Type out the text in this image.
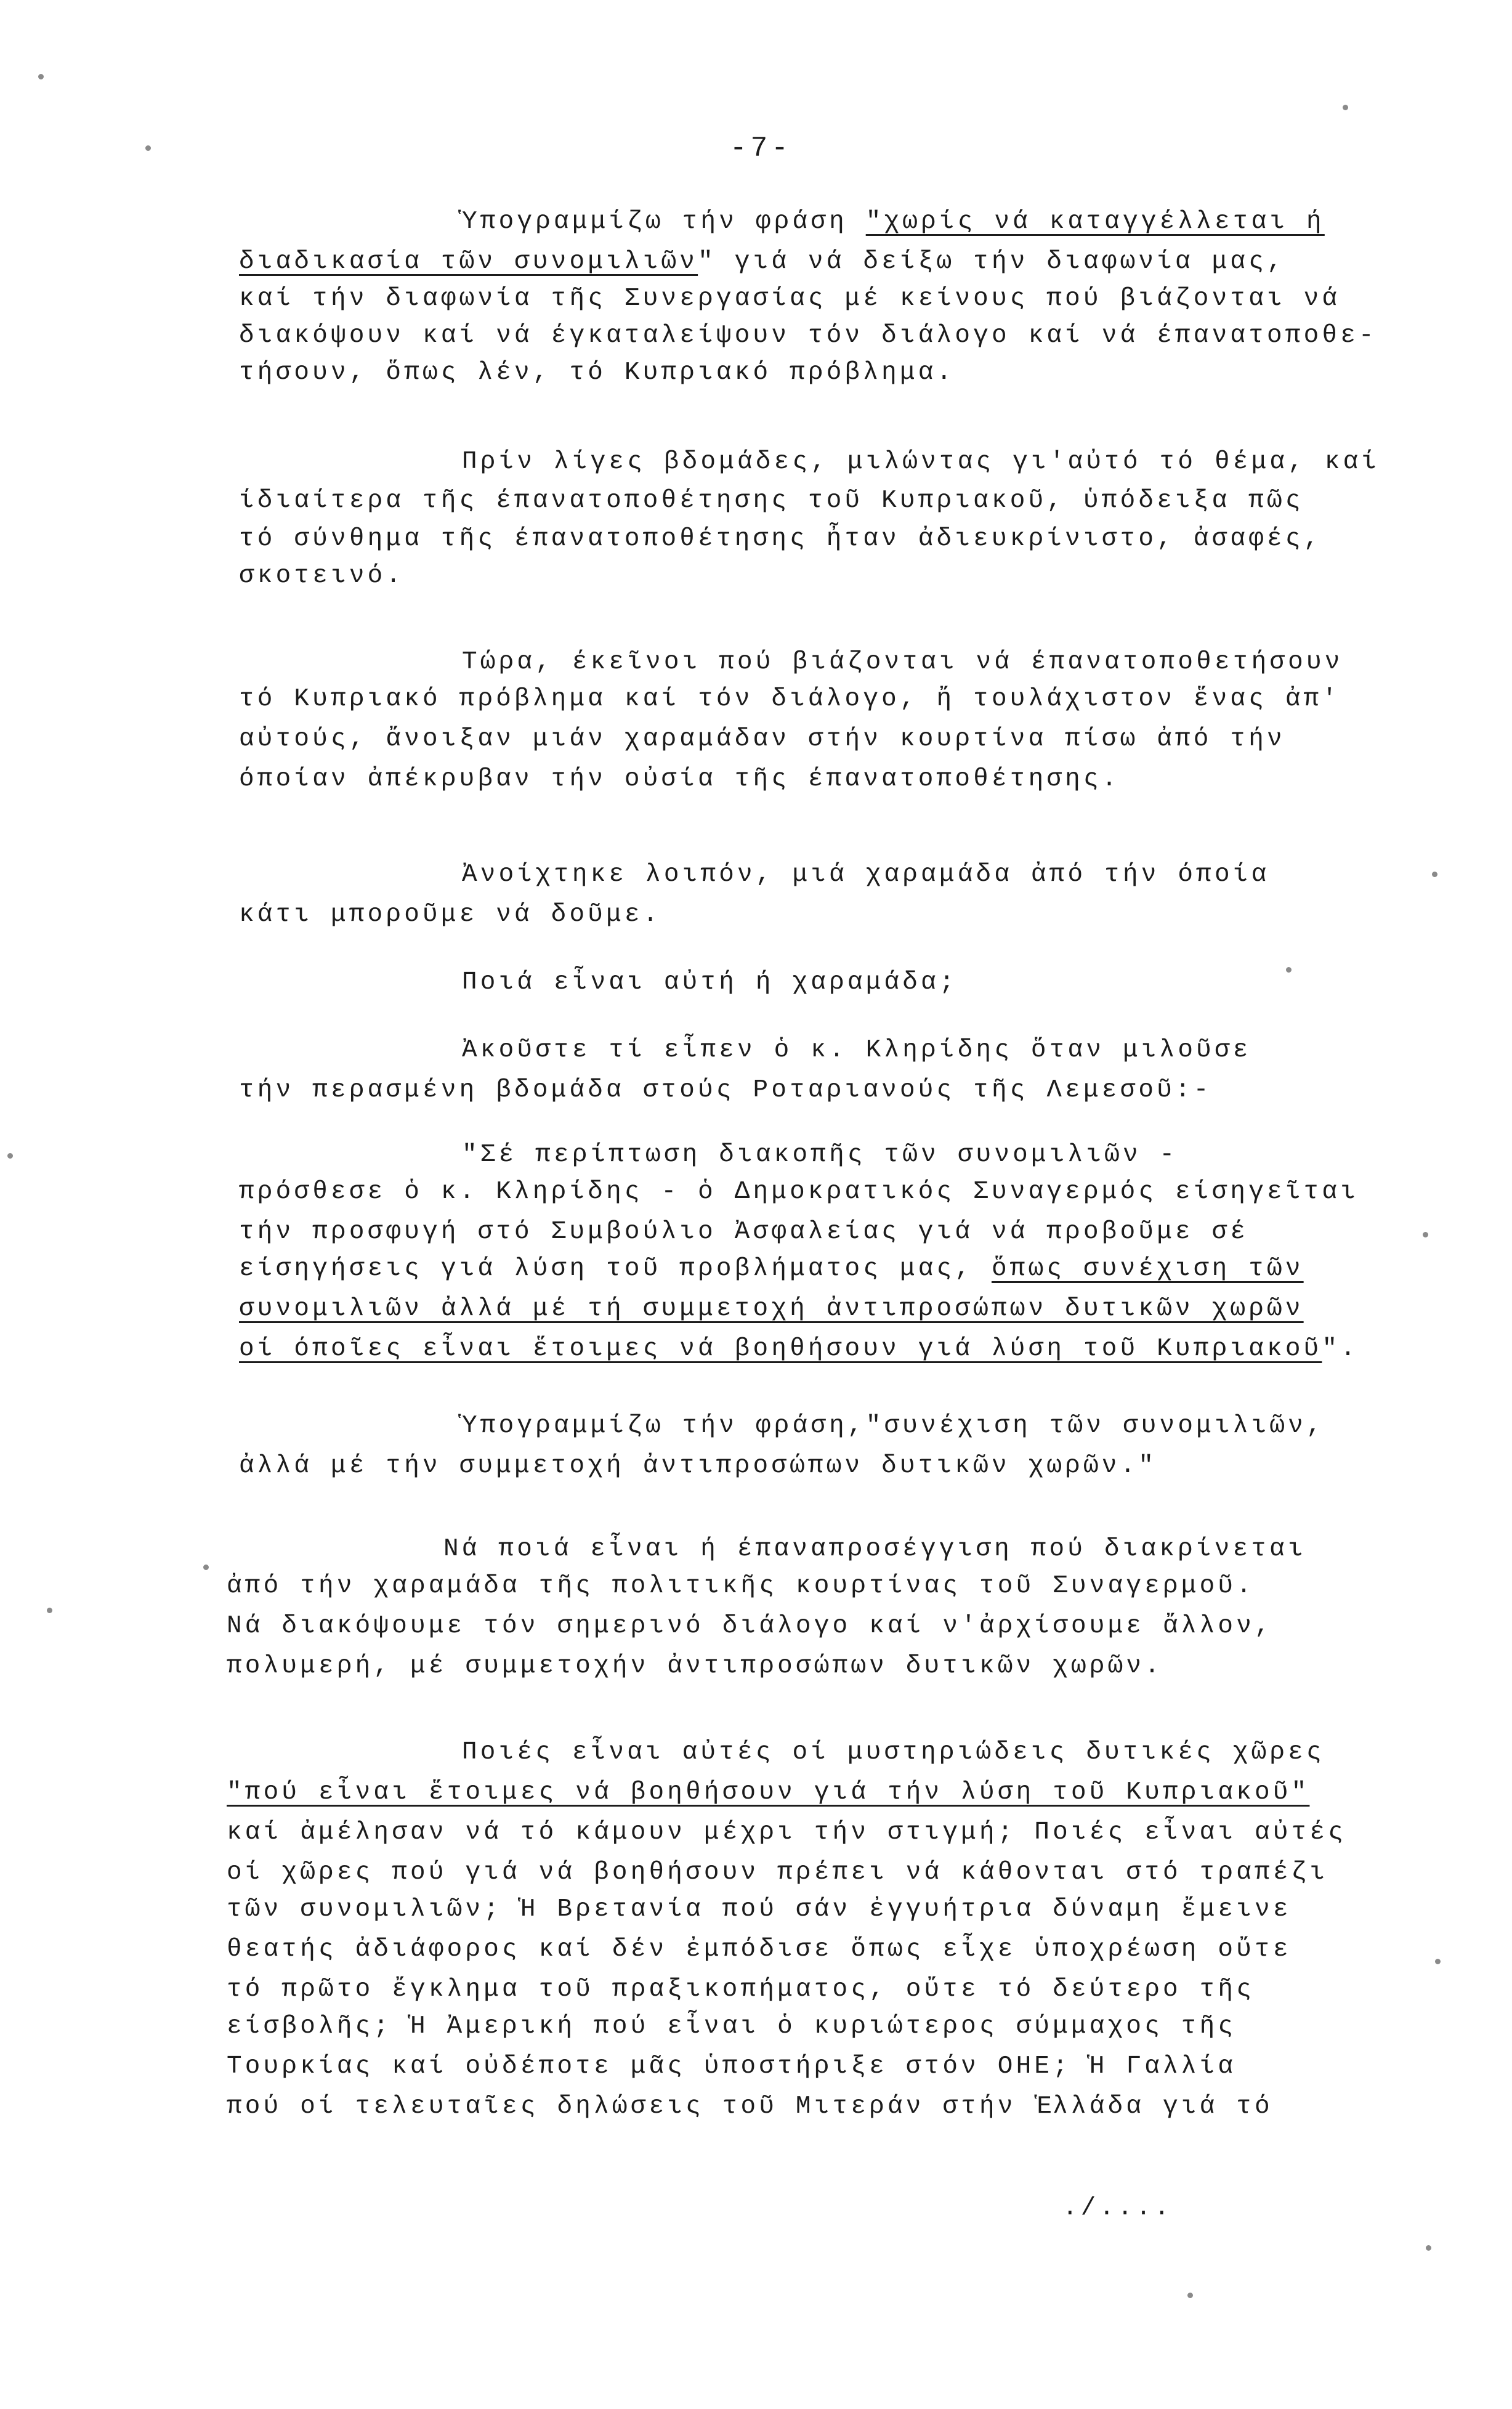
-7-
Ὑπογραμμίζω τήν φράση "χωρίς νά καταγγέλλεται ή
διαδικασία τῶν συνομιλιῶν" γιά νά δείξω τήν διαφωνία μας,
καί τήν διαφωνία τῆς Συνεργασίας μέ κείνους πού βιάζονται νά
διακόψουν καί νά έγκαταλείψουν τόν διάλογο καί νά έπανατοποθε-
τήσουν, ὅπως λέν, τό Κυπριακό πρόβλημα.
Πρίν λίγες βδομάδες, μιλώντας γι'αὐτό τό θέμα, καί
ίδιαίτερα τῆς έπανατοποθέτησης τοῦ Κυπριακοῦ, ὑπόδειξα πῶς
τό σύνθημα τῆς έπανατοποθέτησης ἦταν ἀδιευκρίνιστο, ἀσαφές,
σκοτεινό.
Τώρα, έκεῖνοι πού βιάζονται νά έπανατοποθετήσουν
τό Κυπριακό πρόβλημα καί τόν διάλογο, ἤ τουλάχιστον ἕνας ἀπ'
αὐτούς, ἄνοιξαν μιάν χαραμάδαν στήν κουρτίνα πίσω ἀπό τήν
όποίαν ἀπέκρυβαν τήν οὐσία τῆς έπανατοποθέτησης.
Ἀνοίχτηκε λοιπόν, μιά χαραμάδα ἀπό τήν όποία
κάτι μποροῦμε νά δοῦμε.
Ποιά εἶναι αὐτή ή χαραμάδα;
Ἀκοῦστε τί εἶπεν ὁ κ. Κληρίδης ὅταν μιλοῦσε
τήν περασμένη βδομάδα στούς Ροταριανούς τῆς Λεμεσοῦ:-
"Σέ περίπτωση διακοπῆς τῶν συνομιλιῶν -
πρόσθεσε ὁ κ. Κληρίδης - ὁ Δημοκρατικός Συναγερμός είσηγεῖται
τήν προσφυγή στό Συμβούλιο Ἀσφαλείας γιά νά προβοῦμε σέ
είσηγήσεις γιά λύση τοῦ προβλήματος μας, ὅπως συνέχιση τῶν
συνομιλιῶν ἀλλά μέ τή συμμετοχή ἀντιπροσώπων δυτικῶν χωρῶν
οί όποῖες εἶναι ἕτοιμες νά βοηθήσουν γιά λύση τοῦ Κυπριακοῦ".
Ὑπογραμμίζω τήν φράση,"συνέχιση τῶν συνομιλιῶν,
ἀλλά μέ τήν συμμετοχή ἀντιπροσώπων δυτικῶν χωρῶν."
Νά ποιά εἶναι ή έπαναπροσέγγιση πού διακρίνεται
ἀπό τήν χαραμάδα τῆς πολιτικῆς κουρτίνας τοῦ Συναγερμοῦ.
Νά διακόψουμε τόν σημερινό διάλογο καί ν'ἀρχίσουμε ἄλλον,
πολυμερή, μέ συμμετοχήν ἀντιπροσώπων δυτικῶν χωρῶν.
Ποιές εἶναι αὐτές οί μυστηριώδεις δυτικές χῶρες
"πού εἶναι ἕτοιμες νά βοηθήσουν γιά τήν λύση τοῦ Κυπριακοῦ"
καί ἀμέλησαν νά τό κάμουν μέχρι τήν στιγμή; Ποιές εἶναι αὐτές
οί χῶρες πού γιά νά βοηθήσουν πρέπει νά κάθονται στό τραπέζι
τῶν συνομιλιῶν; Ἡ Βρετανία πού σάν ἐγγυήτρια δύναμη ἔμεινε
θεατής ἀδιάφορος καί δέν ἐμπόδισε ὅπως εἶχε ὑποχρέωση οὔτε
τό πρῶτο ἔγκλημα τοῦ πραξικοπήματος, οὔτε τό δεύτερο τῆς
είσβολῆς; Ἡ Ἀμερική πού εἶναι ὁ κυριώτερος σύμμαχος τῆς
Τουρκίας καί οὐδέποτε μᾶς ὑποστήριξε στόν ΟΗΕ; Ἡ Γαλλία
πού οί τελευταῖες δηλώσεις τοῦ Μιτεράν στήν Ἑλλάδα γιά τό
./....
